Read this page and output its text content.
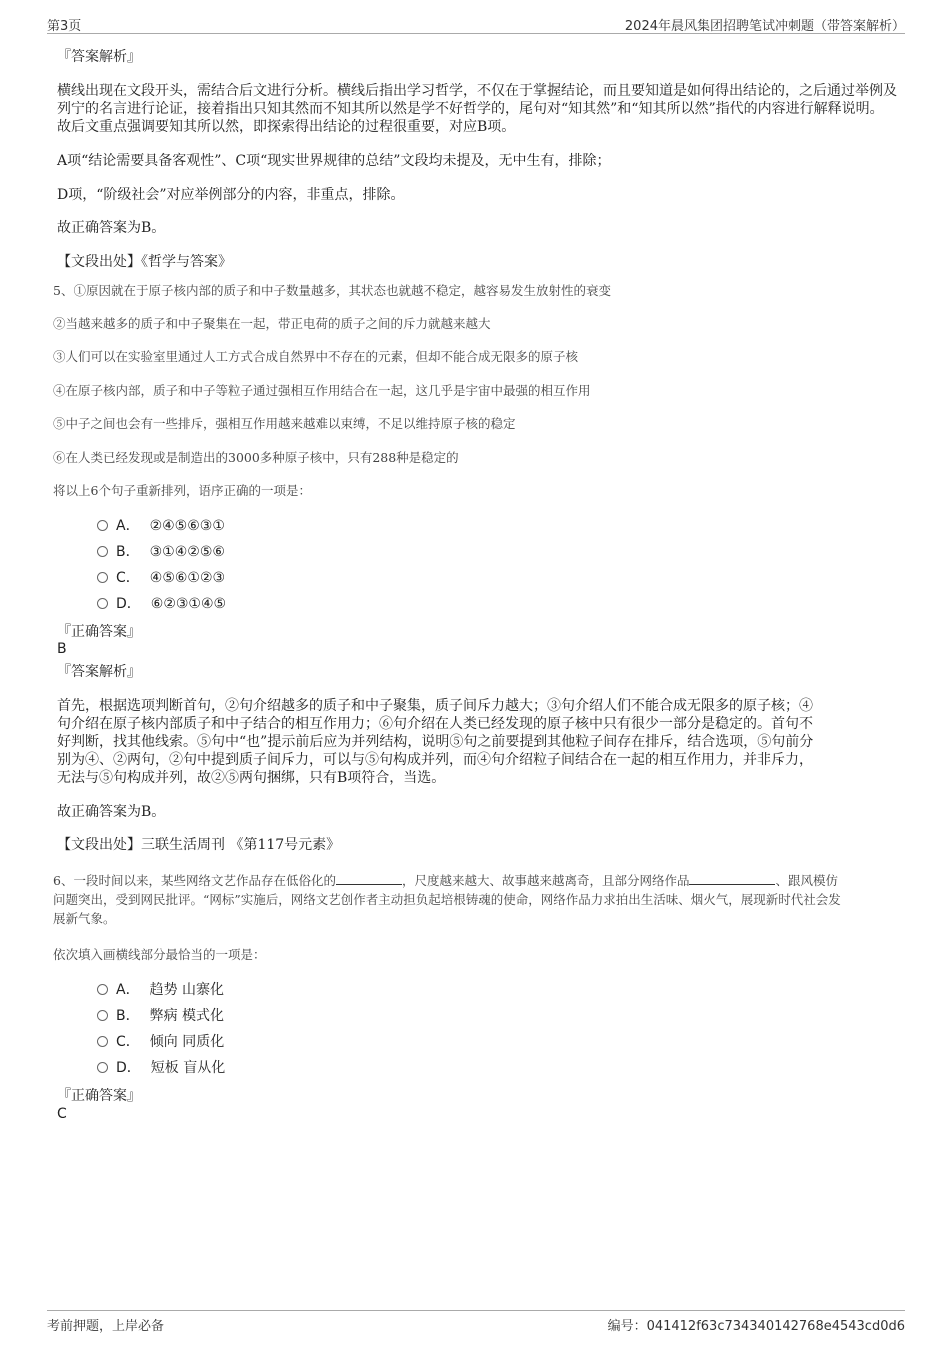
第3页	2024年晨风集团招聘笔试冲刺题（带答案解析）

『答案解析』

横线出现在文段开头，需结合后文进行分析。横线后指出学习哲学，不仅在于掌握结论，而且要知道是如何得出结论的，之后通过举例及列宁的名言进行论证，接着指出只知其然而不知其所以然是学不好哲学的，尾句对“知其然”和“知其所以然”指代的内容进行解释说明。故后文重点强调要知其所以然，即探索得出结论的过程很重要，对应B项。

A项“结论需要具备客观性”、C项“现实世界规律的总结”文段均未提及，无中生有，排除；

D项，“阶级社会”对应举例部分的内容，非重点，排除。

故正确答案为B。

【文段出处】《哲学与答案》

5、①原因就在于原子核内部的质子和中子数量越多，其状态也就越不稳定，越容易发生放射性的衰变

②当越来越多的质子和中子聚集在一起，带正电荷的质子之间的斥力就越来越大

③人们可以在实验室里通过人工方式合成自然界中不存在的元素，但却不能合成无限多的原子核

④在原子核内部，质子和中子等粒子通过强相互作用结合在一起，这几乎是宇宙中最强的相互作用

⑤中子之间也会有一些排斥，强相互作用越来越难以束缚，不足以维持原子核的稳定

⑥在人类已经发现或是制造出的3000多种原子核中，只有288种是稳定的

将以上6个句子重新排列，语序正确的一项是：

A． ②④⑤⑥③①
B． ③①④②⑤⑥
C． ④⑤⑥①②③
D． ⑥②③①④⑤

『正确答案』

B

『答案解析』

首先，根据选项判断首句，②句介绍越多的质子和中子聚集，质子间斥力越大；③句介绍人们不能合成无限多的原子核；④

句介绍在原子核内部质子和中子结合的相互作用力；⑥句介绍在人类已经发现的原子核中只有很少一部分是稳定的。首句不

好判断，找其他线索。⑤句中“也”提示前后应为并列结构，说明⑤句之前要提到其他粒子间存在排斥，结合选项，⑤句前分

别为④、②两句，②句中提到质子间斥力，可以与⑤句构成并列，而④句介绍粒子间结合在一起的相互作用力，并非斥力，

无法与⑤句构成并列，故②⑤两句捆绑，只有B项符合，当选。

故正确答案为B。

【文段出处】三联生活周刊 《第117号元素》

6、一段时间以来，某些网络文艺作品存在低俗化的	，尺度越来越大、故事越来越离奇，且部分网络作品	、跟风模仿

问题突出，受到网民批评。“网标”实施后，网络文艺创作者主动担负起培根铸魂的使命，网络作品力求拍出生活味、烟火气，展现新时代社会发

展新气象。

依次填入画横线部分最恰当的一项是：

A． 趋势 山寨化
B． 弊病 模式化
C． 倾向 同质化
D． 短板 盲从化

『正确答案』

C

考前押题，上岸必备	编号：041412f63c734340142768e4543cd0d6
